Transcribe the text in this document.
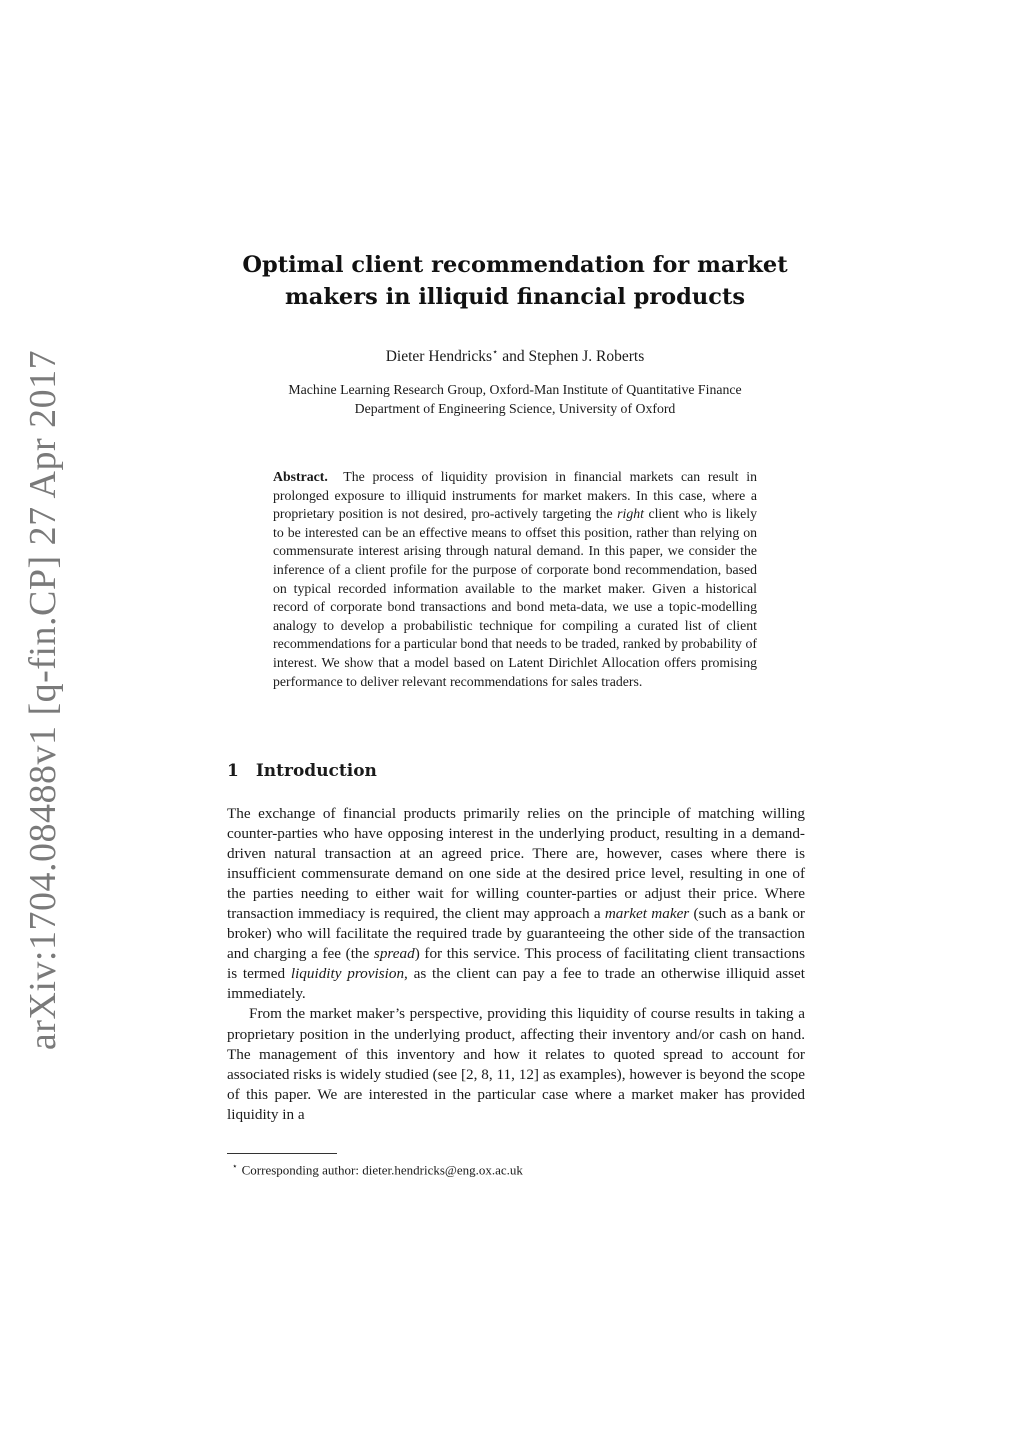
arXiv:1704.08488v1 [q-fin.CP] 27 Apr 2017
Optimal client recommendation for market
makers in illiquid financial products
Dieter Hendricks⋆ and Stephen J. Roberts
Machine Learning Research Group, Oxford-Man Institute of Quantitative Finance
Department of Engineering Science, University of Oxford
Abstract. The process of liquidity provision in financial markets can result in prolonged exposure to illiquid instruments for market makers. In this case, where a proprietary position is not desired, pro-actively targeting the right client who is likely to be interested can be an effective means to offset this position, rather than relying on commensurate interest arising through natural demand. In this paper, we consider the inference of a client profile for the purpose of corporate bond recommendation, based on typical recorded information available to the market maker. Given a historical record of corporate bond transactions and bond meta-data, we use a topic-modelling analogy to develop a probabilistic technique for compiling a curated list of client recommendations for a particular bond that needs to be traded, ranked by probability of interest. We show that a model based on Latent Dirichlet Allocation offers promising performance to deliver relevant recommendations for sales traders.
1 Introduction

The exchange of financial products primarily relies on the principle of matching willing counter-parties who have opposing interest in the underlying product, resulting in a demand-driven natural transaction at an agreed price. There are, however, cases where there is insufficient commensurate demand on one side at the desired price level, resulting in one of the parties needing to either wait for willing counter-parties or adjust their price. Where transaction immediacy is required, the client may approach a market maker (such as a bank or broker) who will facilitate the required trade by guaranteeing the other side of the transaction and charging a fee (the spread) for this service. This process of facilitating client transactions is termed liquidity provision, as the client can pay a fee to trade an otherwise illiquid asset immediately.

From the market maker’s perspective, providing this liquidity of course results in taking a proprietary position in the underlying product, affecting their inventory and/or cash on hand. The management of this inventory and how it relates to quoted spread to account for associated risks is widely studied (see [2, 8, 11, 12] as examples), however is beyond the scope of this paper. We are interested in the particular case where a market maker has provided liquidity in a

⋆ Corresponding author: dieter.hendricks@eng.ox.ac.uk
